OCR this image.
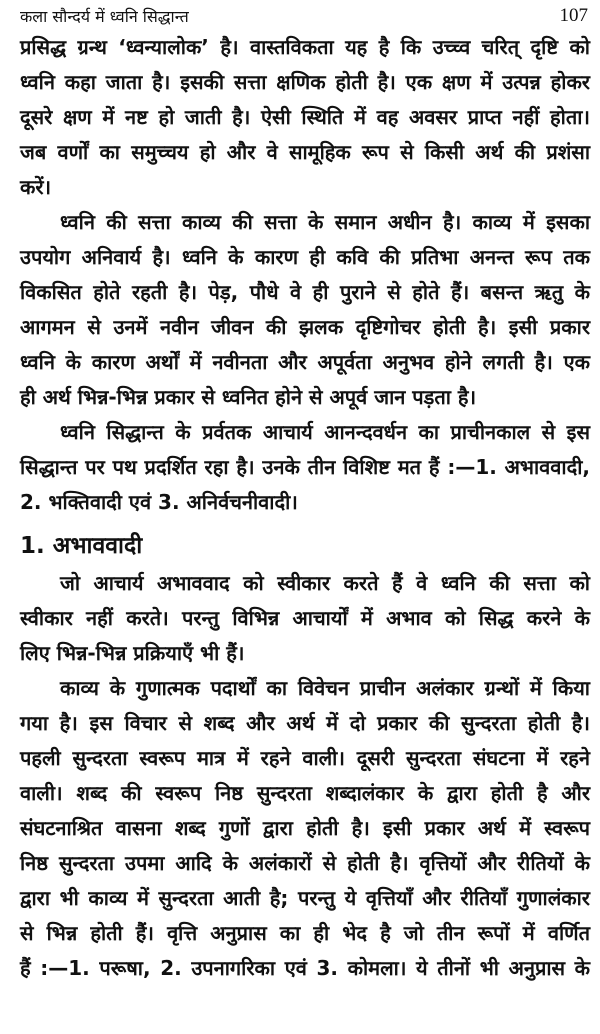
कला सौन्दर्य में ध्वनि सिद्धान्त	107
प्रसिद्ध ग्रन्थ ‘ध्वन्यालोक’ है। वास्तविकता यह है कि उच्च्व चरित् दृष्टि को
ध्वनि कहा जाता है। इसकी सत्ता क्षणिक होती है। एक क्षण में उत्पन्न होकर
दूसरे क्षण में नष्ट हो जाती है। ऐसी स्थिति में वह अवसर प्राप्त नहीं होता।
जब वर्णों का समुच्चय हो और वे सामूहिक रूप से किसी अर्थ की प्रशंसा
करें।
ध्वनि की सत्ता काव्य की सत्ता के समान अधीन है। काव्य में इसका
उपयोग अनिवार्य है। ध्वनि के कारण ही कवि की प्रतिभा अनन्त रूप तक
विकसित होते रहती है। पेड़, पौधे वे ही पुराने से होते हैं। बसन्त ऋतु के
आगमन से उनमें नवीन जीवन की झलक दृष्टिगोचर होती है। इसी प्रकार
ध्वनि के कारण अर्थों में नवीनता और अपूर्वता अनुभव होने लगती है। एक
ही अर्थ भिन्न-भिन्न प्रकार से ध्वनित होने से अपूर्व जान पड़ता है।
ध्वनि सिद्धान्त के प्रर्वतक आचार्य आनन्दवर्धन का प्राचीनकाल से इस
सिद्धान्त पर पथ प्रदर्शित रहा है। उनके तीन विशिष्ट मत हैं :—1. अभाववादी,
2. भक्तिवादी एवं 3. अनिर्वचनीवादी।
1. अभाववादी
जो आचार्य अभाववाद को स्वीकार करते हैं वे ध्वनि की सत्ता को
स्वीकार नहीं करते। परन्तु विभिन्न आचार्यों में अभाव को सिद्ध करने के
लिए भिन्न-भिन्न प्रक्रियाएँ भी हैं।
काव्य के गुणात्मक पदार्थों का विवेचन प्राचीन अलंकार ग्रन्थों में किया
गया है। इस विचार से शब्द और अर्थ में दो प्रकार की सुन्दरता होती है।
पहली सुन्दरता स्वरूप मात्र में रहने वाली। दूसरी सुन्दरता संघटना में रहने
वाली। शब्द की स्वरूप निष्ठ सुन्दरता शब्दालंकार के द्वारा होती है और
संघटनाश्रित वासना शब्द गुणों द्वारा होती है। इसी प्रकार अर्थ में स्वरूप
निष्ठ सुन्दरता उपमा आदि के अलंकारों से होती है। वृत्तियों और रीतियों के
द्वारा भी काव्य में सुन्दरता आती है; परन्तु ये वृत्तियाँ और रीतियाँ गुणालंकार
से भिन्न होती हैं। वृत्ति अनुप्रास का ही भेद है जो तीन रूपों में वर्णित
हैं :—1. परूषा, 2. उपनागरिका एवं 3. कोमला। ये तीनों भी अनुप्रास के
